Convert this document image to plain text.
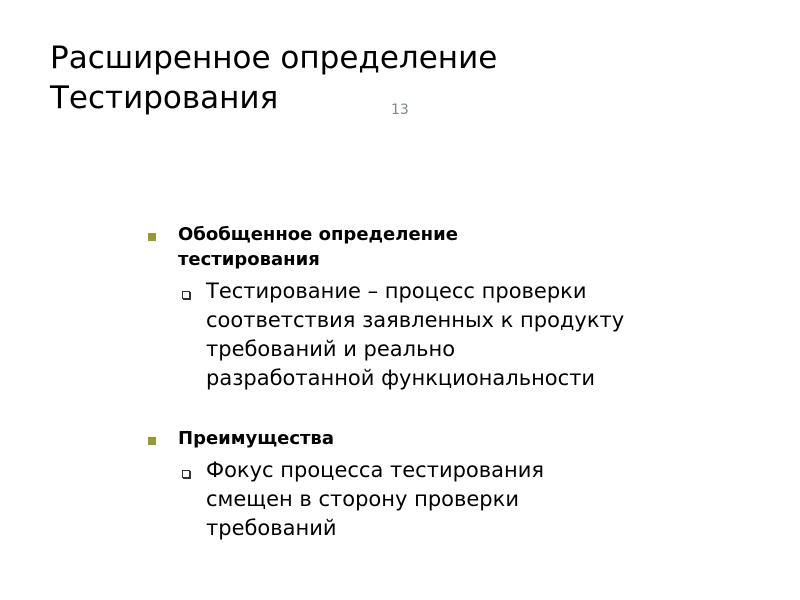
Расширенное определение
Тестирования	13
Обобщенное определение
тестирования
Тестирование – процесс проверки
соответствия заявленных к продукту
требований и реально
разработанной функциональности
Преимущества
Фокус процесса тестирования
смещен в сторону проверки
требований
